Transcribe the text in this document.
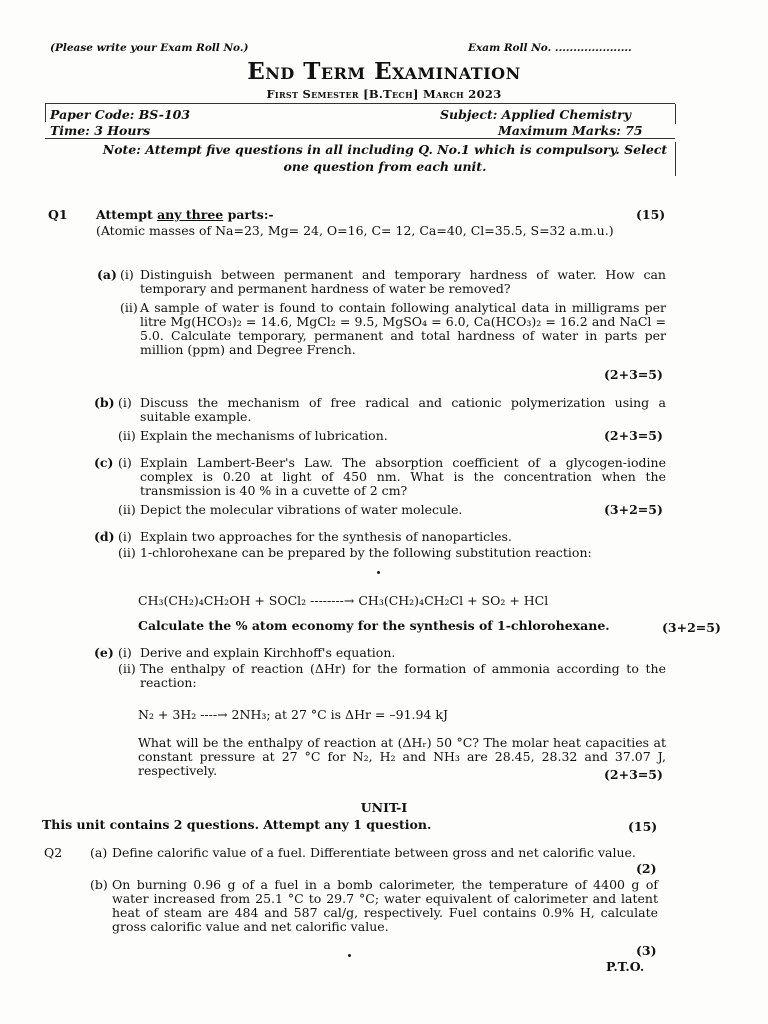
(Please write your Exam Roll No.)	Exam Roll No. .....................
End Term Examination
First Semester [B.Tech] March 2023
Paper Code: BS-103	Subject: Applied Chemistry
Time: 3 Hours	Maximum Marks: 75
Note: Attempt five questions in all including Q. No.1 which is compulsory. Select one question from each unit.
Q1 Attempt any three parts:-	(15)
(Atomic masses of Na=23, Mg= 24, O=16, C= 12, Ca=40, Cl=35.5, S=32 a.m.u.)
(a) (i) Distinguish between permanent and temporary hardness of water. How can temporary and permanent hardness of water be removed?
(ii) A sample of water is found to contain following analytical data in milligrams per litre Mg(HCO₃)₂ = 14.6, MgCl₂ = 9.5, MgSO₄ = 6.0, Ca(HCO₃)₂ = 16.2 and NaCl = 5.0. Calculate temporary, permanent and total hardness of water in parts per million (ppm) and Degree French.
(2+3=5)
(b) (i) Discuss the mechanism of free radical and cationic polymerization using a suitable example.
(ii) Explain the mechanisms of lubrication.	(2+3=5)
(c) (i) Explain Lambert-Beer's Law. The absorption coefficient of a glycogen-iodine complex is 0.20 at light of 450 nm. What is the concentration when the transmission is 40 % in a cuvette of 2 cm?
(ii) Depict the molecular vibrations of water molecule.	(3+2=5)
(d) (i) Explain two approaches for the synthesis of nanoparticles.
(ii) 1-chlorohexane can be prepared by the following substitution reaction:
CH₃(CH₂)₄CH₂OH + SOCl₂ --------→ CH₃(CH₂)₄CH₂Cl + SO₂ + HCl
Calculate the % atom economy for the synthesis of 1-chlorohexane.	(3+2=5)
(e) (i) Derive and explain Kirchhoff's equation.
(ii) The enthalpy of reaction (ΔHr) for the formation of ammonia according to the reaction:
N₂ + 3H₂ ----→ 2NH₃; at 27 °C is ΔHr = –91.94 kJ
What will be the enthalpy of reaction at (ΔHᵣ) 50 °C? The molar heat capacities at constant pressure at 27 °C for N₂, H₂ and NH₃ are 28.45, 28.32 and 37.07 J, respectively.	(2+3=5)
UNIT-I
This unit contains 2 questions. Attempt any 1 question.	(15)
Q2 (a) Define calorific value of a fuel. Differentiate between gross and net calorific value.
(2)
(b) On burning 0.96 g of a fuel in a bomb calorimeter, the temperature of 4400 g of water increased from 25.1 °C to 29.7 °C; water equivalent of calorimeter and latent heat of steam are 484 and 587 cal/g, respectively. Fuel contains 0.9% H, calculate gross calorific value and net calorific value.
(3)
P.T.O.
